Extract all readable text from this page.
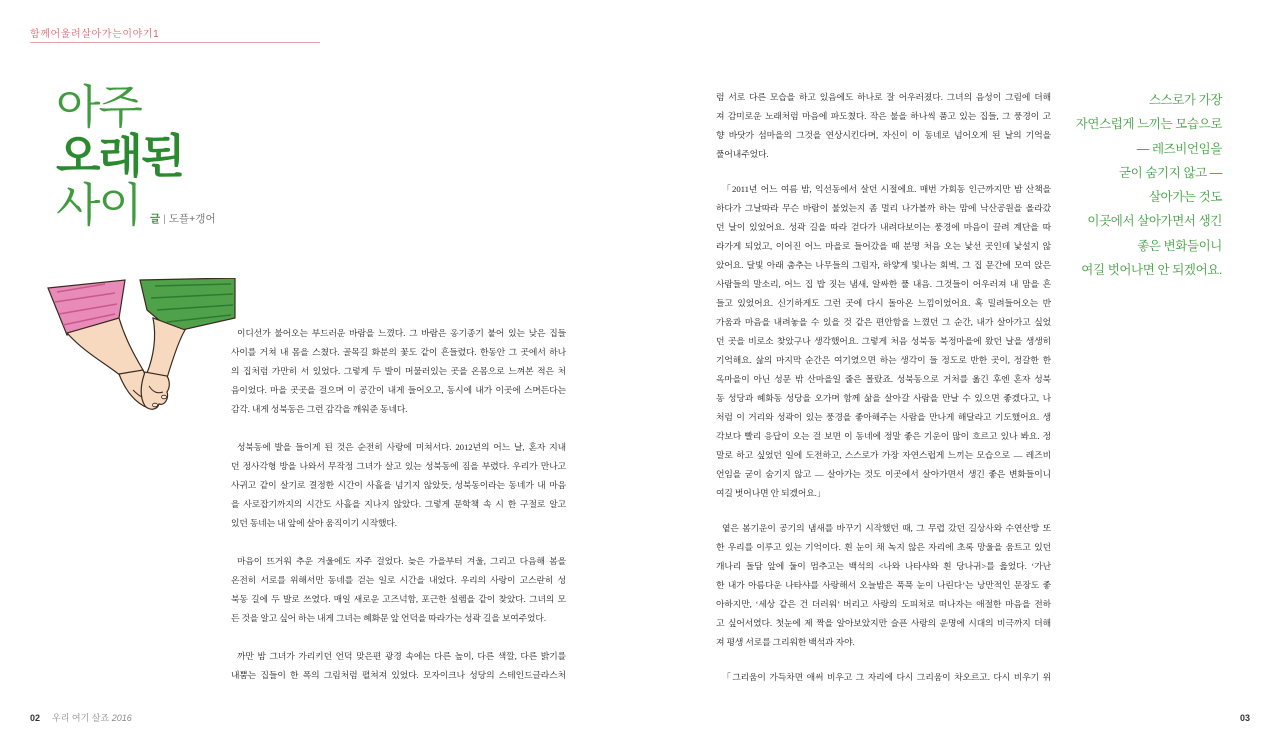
함께어울려살아가는이야기1
아주
오래된
사이 글 | 도플+갱어
이디선가 불어오는 부드러운 바람을 느꼈다. 그 바람은 옹기종기 붙어 있는 낮은 집들
사이를 거쳐 내 몸을 스쳤다. 골목길 화분의 꽃도 같이 흔들렸다. 한동안 그 곳에서 하나
의 집처럼 가만히 서 있었다. 그렇게 두 발이 머물러있는 곳을 온몸으로 느껴본 적은 처
음이었다. 마을 곳곳을 걸으며 이 공간이 내게 들어오고, 동시에 내가 이곳에 스며든다는
감각. 내게 성북동은 그런 감각을 깨워준 동네다.
성북동에 발을 들이게 된 것은 순전히 사랑에 미쳐서다. 2012년의 어느 날, 혼자 지내
던 정사각형 방을 나와서 무작정 그녀가 살고 있는 성북동에 짐을 부렸다. 우리가 만나고
사귀고 같이 살기로 결정한 시간이 사흘을 넘기지 않았듯, 성북동이라는 동네가 내 마음
을 사로잡기까지의 시간도 사흘을 지나지 않았다. 그렇게 문학책 속 시 한 구절로 알고
있던 동네는 내 앞에 살아 움직이기 시작했다.
마음이 뜨거워 추운 겨울에도 자주 걸었다. 늦은 가을부터 겨울, 그리고 다음해 봄을
온전히 서로를 위해서만 동네를 걷는 일로 시간을 내었다. 우리의 사랑이 고스란히 성
북동 길에 두 발로 쓰였다. 매일 새로운 고즈넉함, 포근한 설렘을 같이 찾았다. 그녀의 모
든 것을 알고 싶어 하는 내게 그녀는 혜화문 앞 언덕을 따라가는 성곽 길을 보여주었다.
까만 밤 그녀가 가리키던 언덕 맞은편 광경 속에는 다른 높이, 다른 색깔, 다른 밝기를
내뿜는 집들이 한 폭의 그림처럼 펼쳐져 있었다. 모자이크나 성당의 스테인드글라스처
럼 서로 다른 모습을 하고 있음에도 하나로 잘 어우러졌다. 그녀의 음성이 그림에 더해
져 감미로운 노래처럼 마음에 파도쳤다. 작은 불을 하나씩 품고 있는 집들, 그 풍경이 고
향 바닷가 섬마을의 그것을 연상시킨다며, 자신이 이 동네로 넘어오게 된 날의 기억을
풀어내주었다.
「2011년 어느 여름 밤, 익선동에서 살던 시절에요. 매번 가회동 인근까지만 밤 산책을
하다가 그날따라 무슨 바람이 불었는지 좀 멀리 나가볼까 하는 맘에 낙산공원을 올라갔
던 날이 있었어요. 성곽 길을 따라 걷다가 내려다보이는 풍경에 마음이 끌려 계단을 따
라가게 되었고, 이어진 어느 마을로 들어갔을 때 분명 처음 오는 낯선 곳인데 낯설지 않
았어요. 달빛 아래 춤추는 나무들의 그림자, 하얗게 빛나는 회벽, 그 집 문간에 모여 앉은
사람들의 말소리, 어느 집 밥 짓는 냄새, 알싸한 풀 내음. 그것들이 어우러져 내 맘을 흔
들고 있었어요. 신기하게도 그런 곳에 다시 돌아온 느낌이었어요. 혹 밀려들어오는 반
가움과 마음을 내려놓을 수 있을 것 같은 편안함을 느꼈던 그 순간, 내가 살아가고 싶었
던 곳을 비로소 찾았구나 생각했어요. 그렇게 처음 성북동 북정마을에 왔던 날을 생생히
기억해요. 삶의 마지막 순간은 여기였으면 하는 생각이 들 정도로 반한 곳이, 정갈한 한
옥마을이 아닌 성문 밖 산마을일 줄은 몰랐죠. 성북동으로 거처를 옮긴 후엔 혼자 성북
동 성당과 혜화동 성당을 오가며 함께 삶을 살아갈 사람을 만날 수 있으면 좋겠다고, 나
처럼 이 거리와 성곽이 있는 풍경을 좋아해주는 사람을 만나게 해달라고 기도했어요. 생
각보다 빨리 응답이 오는 걸 보면 이 동네에 정말 좋은 기운이 많이 흐르고 있나 봐요. 정
말로 하고 싶었던 일에 도전하고, 스스로가 가장 자연스럽게 느끼는 모습으로 — 레즈비
언임을 굳이 숨기지 않고 — 살아가는 것도 이곳에서 살아가면서 생긴 좋은 변화들이니
여길 벗어나면 안 되겠어요.」
옅은 봄기운이 공기의 냄새를 바꾸기 시작했던 때, 그 무렵 갔던 길상사와 수연산방 또
한 우리를 이루고 있는 기억이다. 흰 눈이 채 녹지 않은 자리에 초록 망울을 움트고 있던
개나리 돌담 앞에 둘이 멈추고는 백석의 <나와 나타샤와 흰 당나귀>를 읊었다. ‘가난
한 내가 아름다운 나타샤를 사랑해서 오늘밤은 푹푹 눈이 나린다’는 낭만적인 문장도 좋
아하지만, ‘세상 같은 건 더러워’ 버리고 사랑의 도피처로 떠나자는 애절한 마음을 전하
고 싶어서였다. 첫눈에 제 짝을 알아보았지만 슬픈 사랑의 운명에 시대의 비극까지 더해
져 평생 서로를 그리워한 백석과 자야.
「그리움이 가득차면 애써 비우고 그 자리에 다시 그리움이 차오르고. 다시 비우기 위
스스로가 가장
자연스럽게 느끼는 모습으로
— 레즈비언임을
굳이 숨기지 않고 —
살아가는 것도
이곳에서 살아가면서 생긴
좋은 변화들이니
여길 벗어나면 안 되겠어요.
02 우리 여기 살죠 2016	03
